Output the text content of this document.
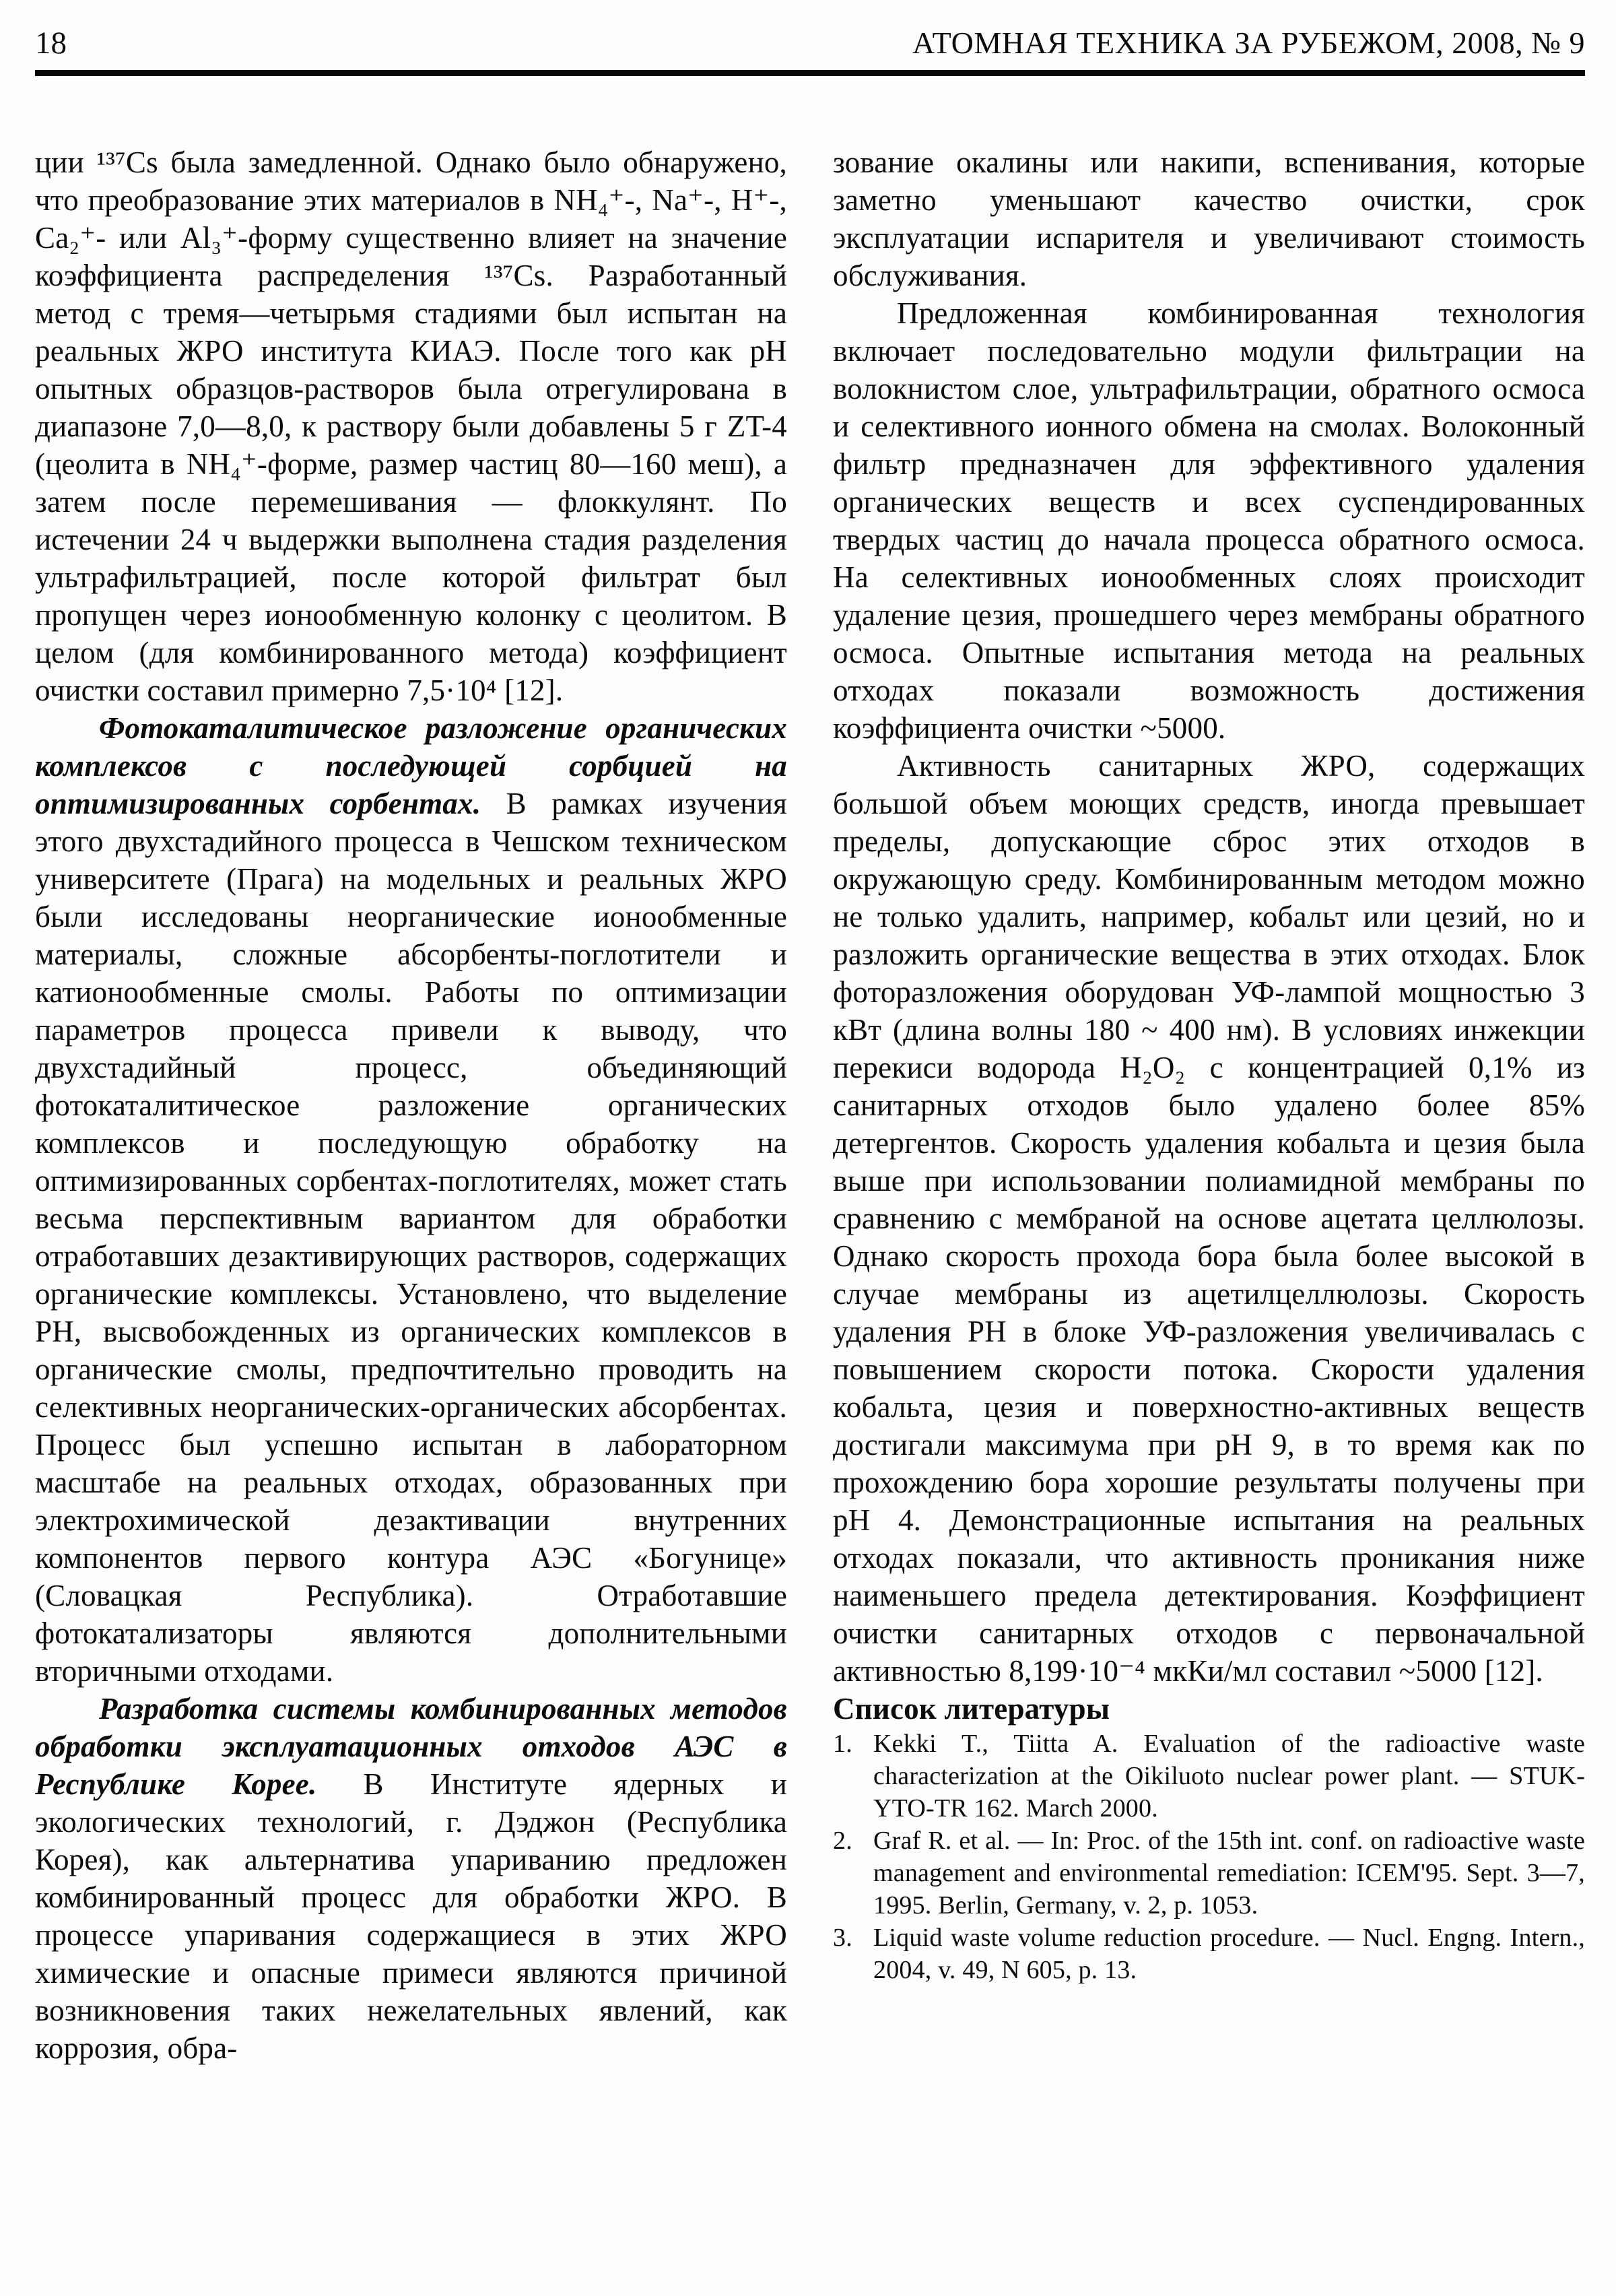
18	АТОМНАЯ ТЕХНИКА ЗА РУБЕЖОМ, 2008, № 9

ции ¹³⁷Cs была замедленной. Однако было обнаружено, что преобразование этих материалов в NH₄⁺-, Na⁺-, H⁺-, Ca₂⁺- или Al₃⁺-форму существенно влияет на значение коэффициента распределения ¹³⁷Cs. Разработанный метод с тремя—четырьмя стадиями был испытан на реальных ЖРО института КИАЭ. После того как pH опытных образцов-растворов была отрегулирована в диапазоне 7,0—8,0, к раствору были добавлены 5 г ZT-4 (цеолита в NH₄⁺-форме, размер частиц 80—160 меш), а затем после перемешивания — флоккулянт. По истечении 24 ч выдержки выполнена стадия разделения ультрафильтрацией, после которой фильтрат был пропущен через ионообменную колонку с цеолитом. В целом (для комбинированного метода) коэффициент очистки составил примерно 7,5·10⁴ [12].

Фотокаталитическое разложение органических комплексов с последующей сорбцией на оптимизированных сорбентах. В рамках изучения этого двухстадийного процесса в Чешском техническом университете (Прага) на модельных и реальных ЖРО были исследованы неорганические ионообменные материалы, сложные абсорбенты-поглотители и катионообменные смолы. Работы по оптимизации параметров процесса привели к выводу, что двухстадийный процесс, объединяющий фотокаталитическое разложение органических комплексов и последующую обработку на оптимизированных сорбентах-поглотителях, может стать весьма перспективным вариантом для обработки отработавших дезактивирующих растворов, содержащих органические комплексы. Установлено, что выделение РН, высвобожденных из органических комплексов в органические смолы, предпочтительно проводить на селективных неорганических-органических абсорбентах. Процесс был успешно испытан в лабораторном масштабе на реальных отходах, образованных при электрохимической дезактивации внутренних компонентов первого контура АЭС «Богунице» (Словацкая Республика). Отработавшие фотокатализаторы являются дополнительными вторичными отходами.

Разработка системы комбинированных методов обработки эксплуатационных отходов АЭС в Республике Корее. В Институте ядерных и экологических технологий, г. Дэджон (Республика Корея), как альтернатива упариванию предложен комбинированный процесс для обработки ЖРО. В процессе упаривания содержащиеся в этих ЖРО химические и опасные примеси являются причиной возникновения таких нежелательных явлений, как коррозия, обра-

зование окалины или накипи, вспенивания, которые заметно уменьшают качество очистки, срок эксплуатации испарителя и увеличивают стоимость обслуживания.

Предложенная комбинированная технология включает последовательно модули фильтрации на волокнистом слое, ультрафильтрации, обратного осмоса и селективного ионного обмена на смолах. Волоконный фильтр предназначен для эффективного удаления органических веществ и всех суспендированных твердых частиц до начала процесса обратного осмоса. На селективных ионообменных слоях происходит удаление цезия, прошедшего через мембраны обратного осмоса. Опытные испытания метода на реальных отходах показали возможность достижения коэффициента очистки ~5000.

Активность санитарных ЖРО, содержащих большой объем моющих средств, иногда превышает пределы, допускающие сброс этих отходов в окружающую среду. Комбинированным методом можно не только удалить, например, кобальт или цезий, но и разложить органические вещества в этих отходах. Блок фоторазложения оборудован УФ-лампой мощностью 3 кВт (длина волны 180 ~ 400 нм). В условиях инжекции перекиси водорода H₂O₂ с концентрацией 0,1% из санитарных отходов было удалено более 85% детергентов. Скорость удаления кобальта и цезия была выше при использовании полиамидной мембраны по сравнению с мембраной на основе ацетата целлюлозы. Однако скорость прохода бора была более высокой в случае мембраны из ацетилцеллюлозы. Скорость удаления РН в блоке УФ-разложения увеличивалась с повышением скорости потока. Скорости удаления кобальта, цезия и поверхностно-активных веществ достигали максимума при pH 9, в то время как по прохождению бора хорошие результаты получены при pH 4. Демонстрационные испытания на реальных отходах показали, что активность проникания ниже наименьшего предела детектирования. Коэффициент очистки санитарных отходов с первоначальной активностью 8,199·10⁻⁴ мкКи/мл составил ~5000 [12].

Список литературы

1. Kekki T., Tiitta A. Evaluation of the radioactive waste characterization at the Oikiluoto nuclear power plant. — STUK-YTO-TR 162. March 2000.
2. Graf R. et al. — In: Proc. of the 15th int. conf. on radioactive waste management and environmental remediation: ICEM'95. Sept. 3—7, 1995. Berlin, Germany, v. 2, p. 1053.
3. Liquid waste volume reduction procedure. — Nucl. Engng. Intern., 2004, v. 49, N 605, p. 13.
